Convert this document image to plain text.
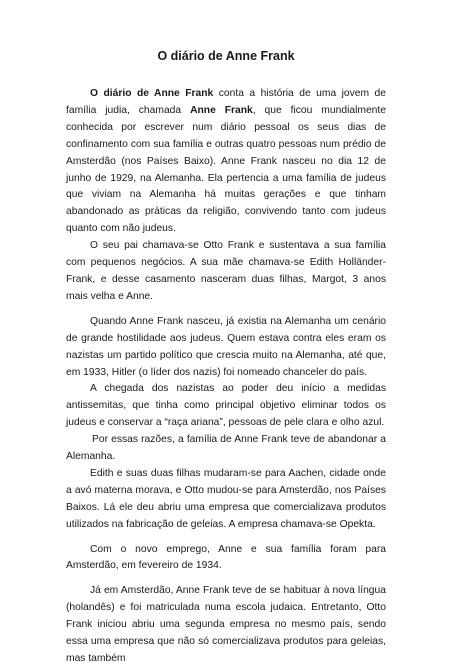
O diário de Anne Frank

O diário de Anne Frank conta a história de uma jovem de família judia, chamada Anne Frank, que ficou mundialmente conhecida por escrever num diário pessoal os seus dias de confinamento com sua família e outras quatro pessoas num prédio de Amsterdão (nos Países Baixo). Anne Frank nasceu no dia 12 de junho de 1929, na Alemanha. Ela pertencia a uma família de judeus que viviam na Alemanha há muitas gerações e que tinham abandonado as práticas da religião, convivendo tanto com judeus quanto com não judeus.

O seu pai chamava-se Otto Frank e sustentava a sua família com pequenos negócios. A sua mãe chamava-se Edith Holländer-Frank, e desse casamento nasceram duas filhas, Margot, 3 anos mais velha e Anne.

Quando Anne Frank nasceu, já existia na Alemanha um cenário de grande hostilidade aos judeus. Quem estava contra eles eram os nazistas um partido político que crescia muito na Alemanha, até que, em 1933, Hitler (o líder dos nazis) foi nomeado chanceler do país.

A chegada dos nazistas ao poder deu início a medidas antissemitas, que tinha como principal objetivo eliminar todos os judeus e conservar a “raça ariana”, pessoas de pele clara e olho azul.

Por essas razões, a família de Anne Frank teve de abandonar a Alemanha.

Edith e suas duas filhas mudaram-se para Aachen, cidade onde a avó materna morava, e Otto mudou-se para Amsterdão, nos Países Baixos. Lá ele deu abriu uma empresa que comercializava produtos utilizados na fabricação de geleias. A empresa chamava-se Opekta.

Com o novo emprego, Anne e sua família foram para Amsterdão, em fevereiro de 1934.

Já em Amsterdão, Anne Frank teve de se habituar à nova língua (holandês) e foi matriculada numa escola judaica. Entretanto, Otto Frank iniciou abriu uma segunda empresa no mesmo país, sendo essa uma empresa que não só comercializava produtos para geleias, mas também
